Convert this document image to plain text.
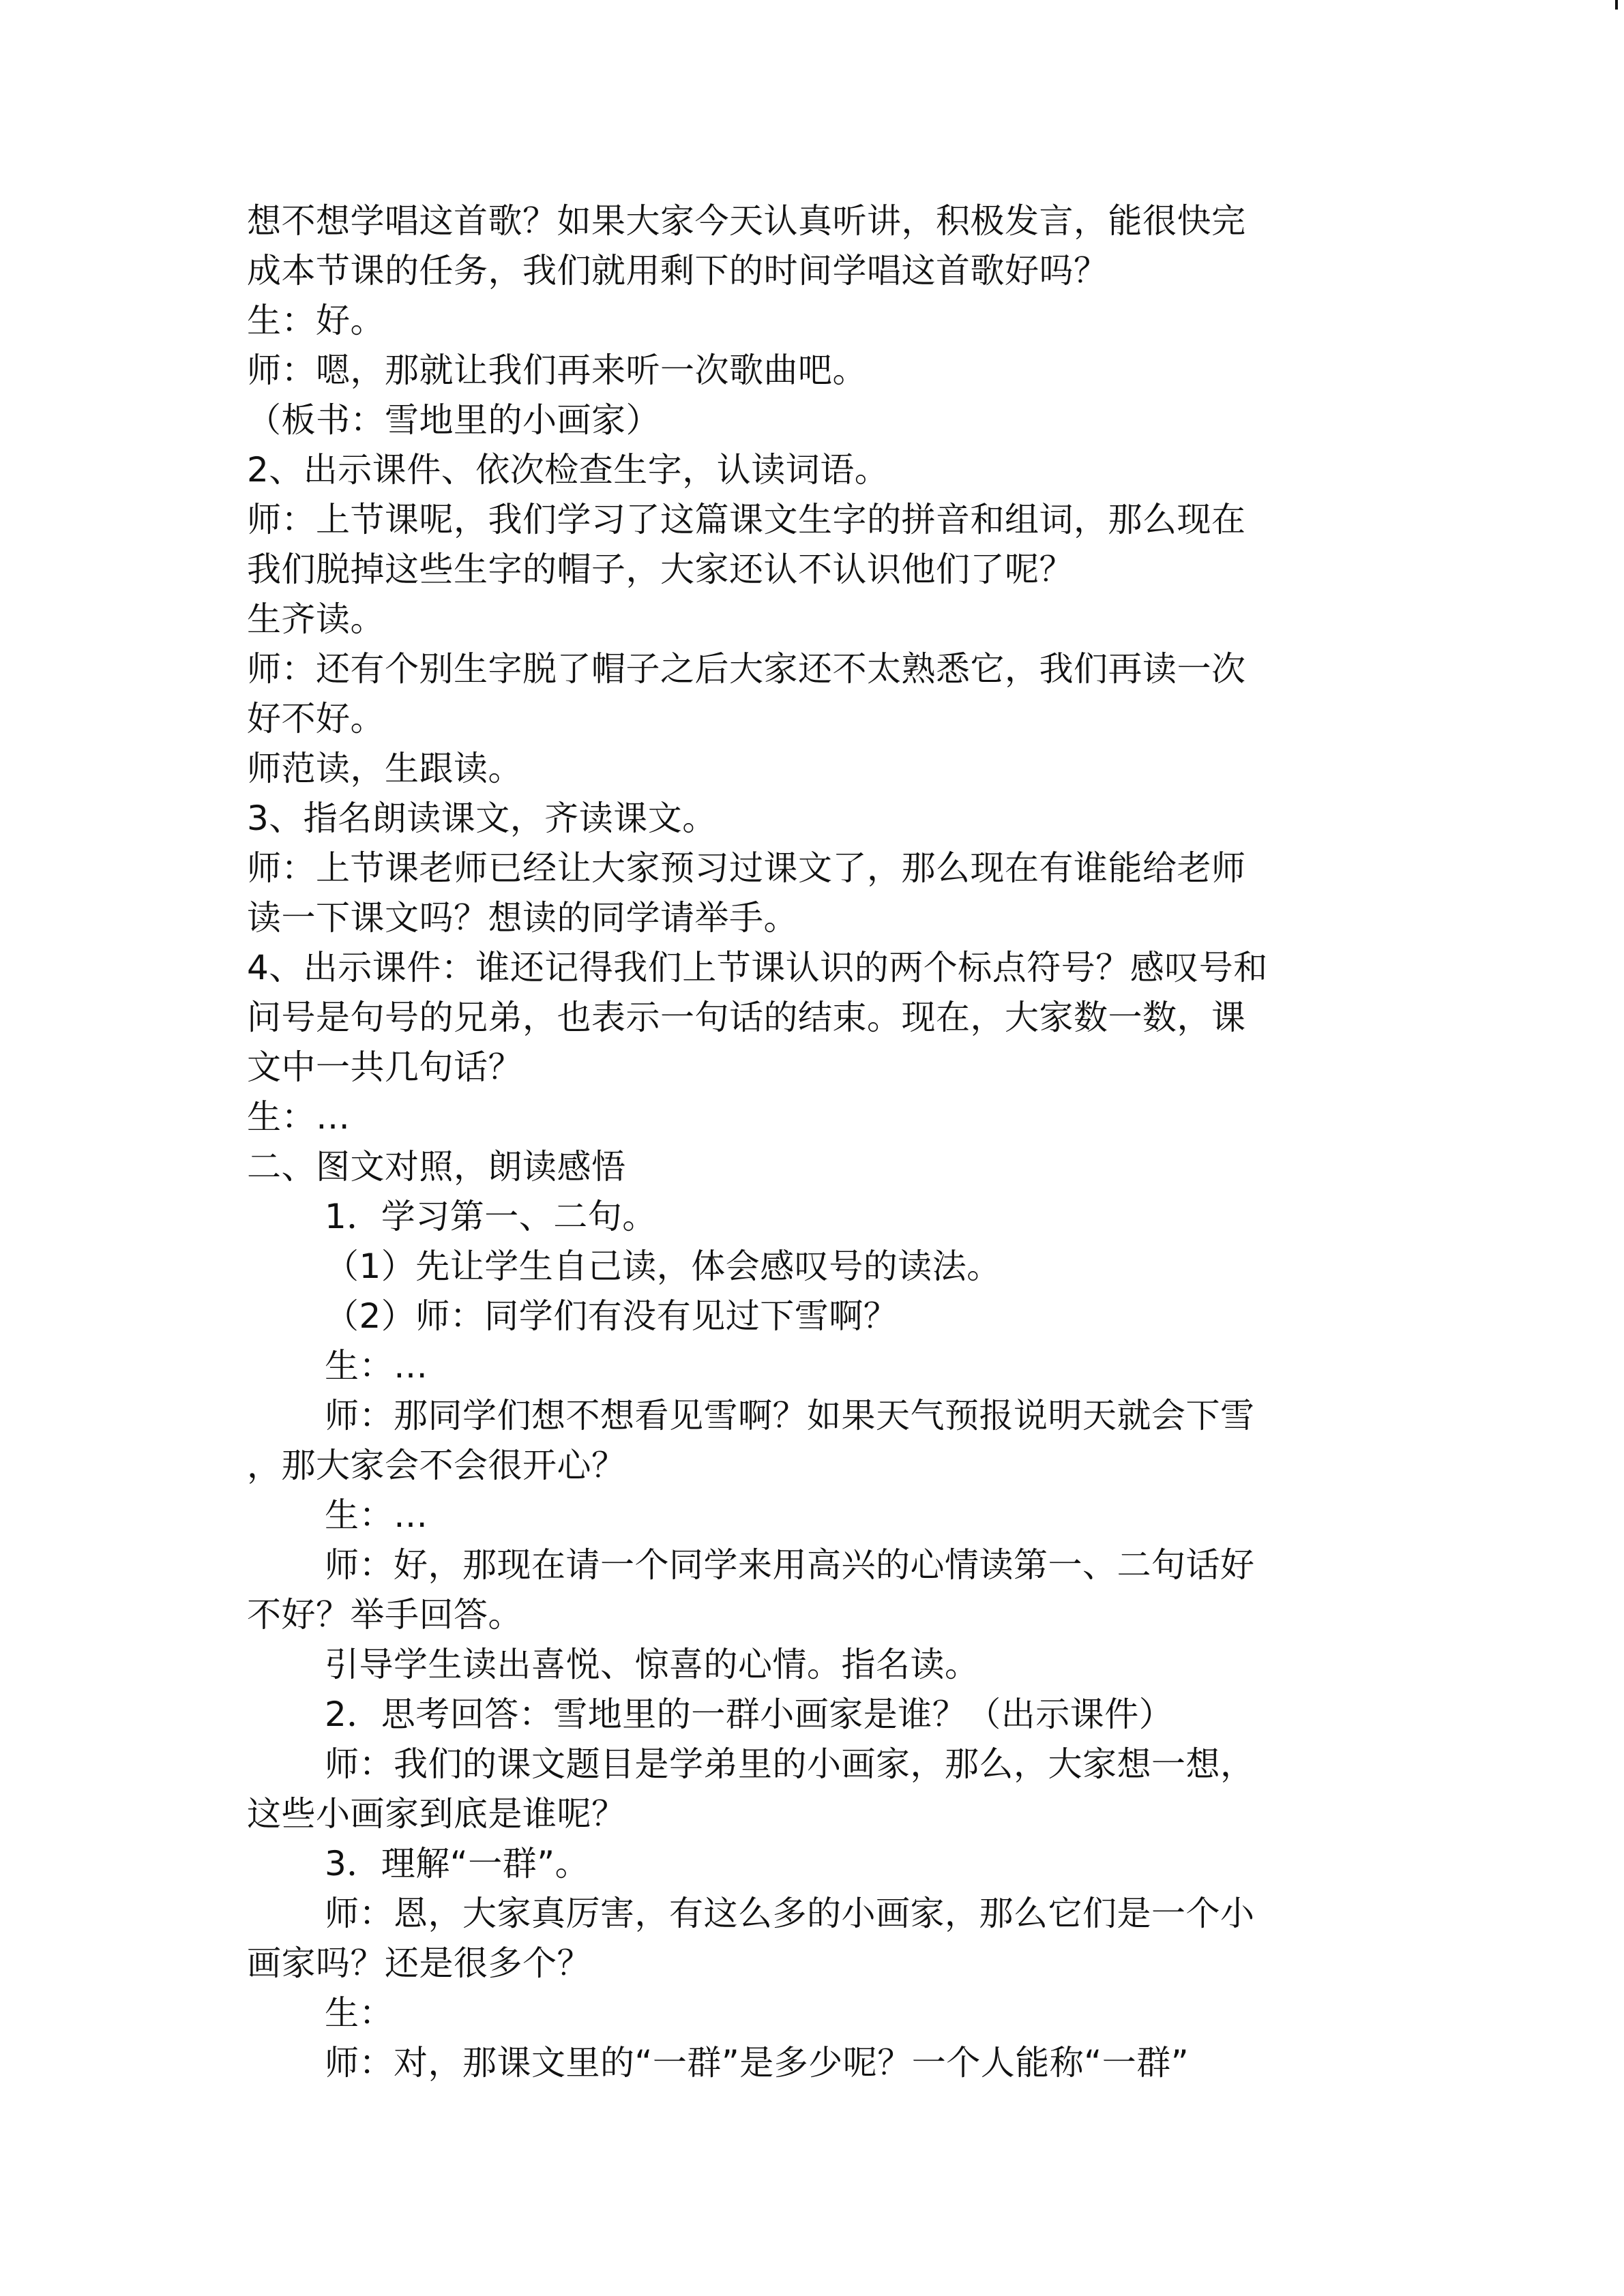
想不想学唱这首歌？如果大家今天认真听讲，积极发言，能很快完
成本节课的任务，我们就用剩下的时间学唱这首歌好吗？
生：好。
师：嗯，那就让我们再来听一次歌曲吧。
（板书：雪地里的小画家）
2、出示课件、依次检查生字，认读词语。
师：上节课呢，我们学习了这篇课文生字的拼音和组词，那么现在
我们脱掉这些生字的帽子，大家还认不认识他们了呢？
生齐读。
师：还有个别生字脱了帽子之后大家还不太熟悉它，我们再读一次
好不好。
师范读，生跟读。
3、指名朗读课文，齐读课文。
师：上节课老师已经让大家预习过课文了，那么现在有谁能给老师
读一下课文吗？想读的同学请举手。
4、出示课件：谁还记得我们上节课认识的两个标点符号？感叹号和
问号是句号的兄弟，也表示一句话的结束。现在，大家数一数，课
文中一共几句话？
生：…
二、图文对照，朗读感悟
1．学习第一、二句。
（1）先让学生自己读，体会感叹号的读法。
（2）师：同学们有没有见过下雪啊？
生：…
师：那同学们想不想看见雪啊？如果天气预报说明天就会下雪
，那大家会不会很开心？
生：…
师：好，那现在请一个同学来用高兴的心情读第一、二句话好
不好？举手回答。
引导学生读出喜悦、惊喜的心情。指名读。
2．思考回答：雪地里的一群小画家是谁？（出示课件）
师：我们的课文题目是学弟里的小画家，那么，大家想一想，
这些小画家到底是谁呢？
3．理解“一群”。
师：恩，大家真厉害，有这么多的小画家，那么它们是一个小
画家吗？还是很多个？
生：
师：对，那课文里的“一群”是多少呢？一个人能称“一群”
